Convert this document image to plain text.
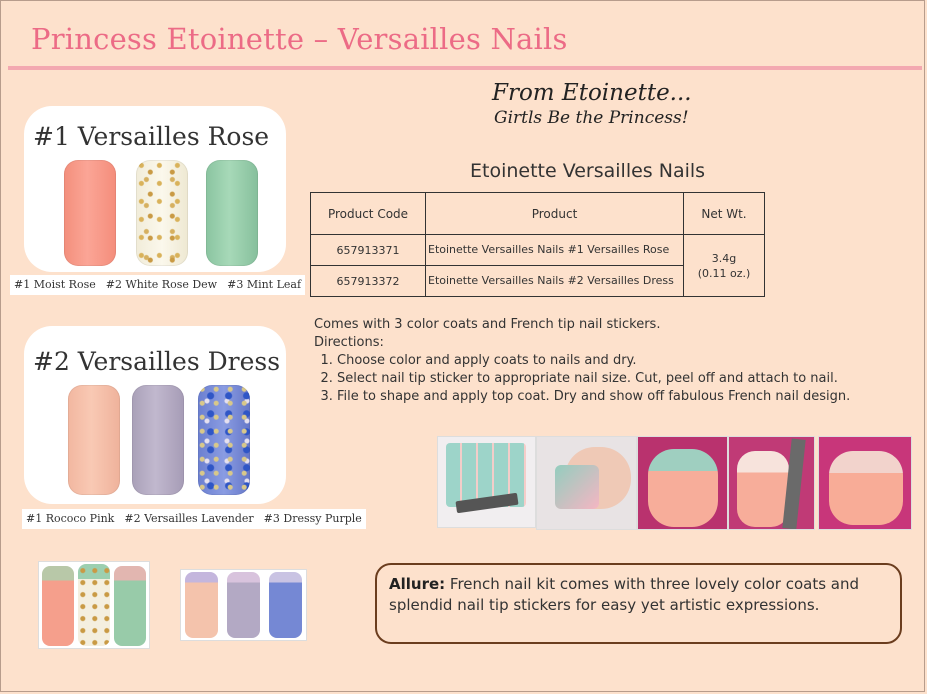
Princess Etoinette – Versailles Nails
#1 Versailles Rose
#1 Moist Rose #2 White Rose Dew #3 Mint Leaf
#2 Versailles Dress
#1 Rococo Pink #2 Versailles Lavender #3 Dressy Purple
From Etoinette...
Girtls Be the Princess!
Etoinette Versailles Nails
Product Code	Product	Net Wt.
657913371	Etoinette Versailles Nails #1 Versailles Rose	3.4g
(0.11 oz.)

657913372	Etoinette Versailles Nails #2 Versailles Dress	
Comes with 3 color coats and French tip nail stickers.
Directions:
1. Choose color and apply coats to nails and dry.
2. Select nail tip sticker to appropriate nail size. Cut, peel off and attach to nail.
3. File to shape and apply top coat. Dry and show off fabulous French nail design.
Allure: French nail kit comes with three lovely color coats and splendid nail tip stickers for easy yet artistic expressions.
